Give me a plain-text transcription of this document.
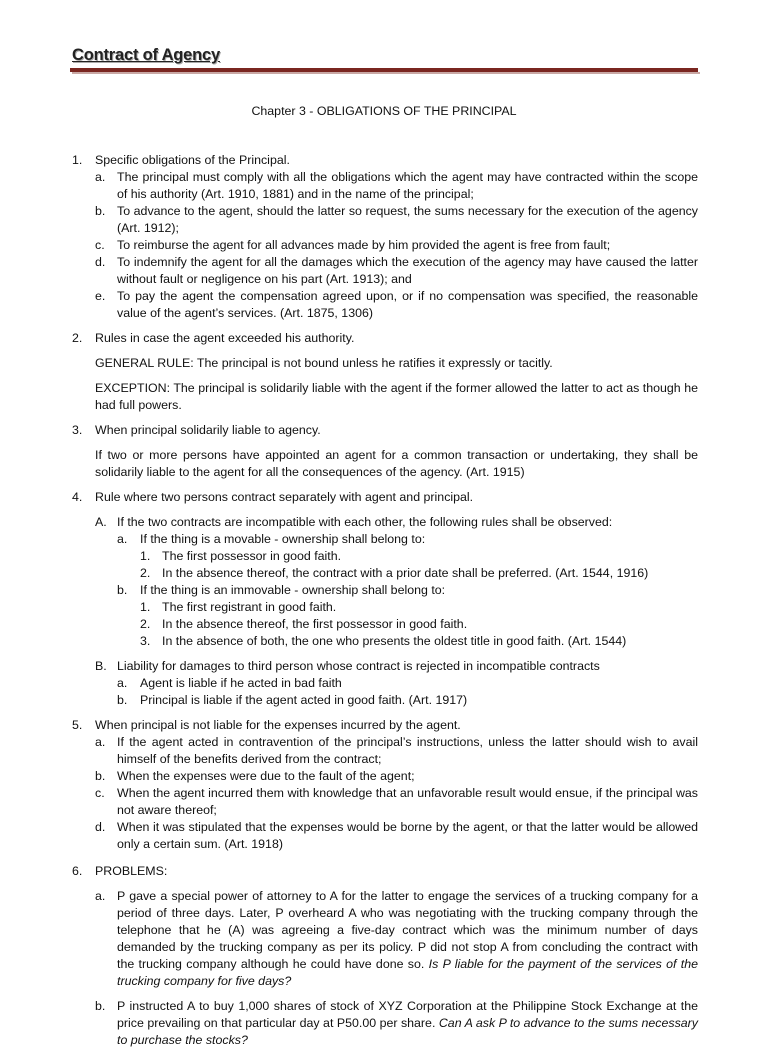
Contract of Agency
Chapter 3 - OBLIGATIONS OF THE PRINCIPAL
1. Specific obligations of the Principal.
a. The principal must comply with all the obligations which the agent may have contracted within the scope of his authority (Art. 1910, 1881) and in the name of the principal;
b. To advance to the agent, should the latter so request, the sums necessary for the execution of the agency (Art. 1912);
c. To reimburse the agent for all advances made by him provided the agent is free from fault;
d. To indemnify the agent for all the damages which the execution of the agency may have caused the latter without fault or negligence on his part (Art. 1913); and
e. To pay the agent the compensation agreed upon, or if no compensation was specified, the reasonable value of the agent’s services. (Art. 1875, 1306)
2. Rules in case the agent exceeded his authority.
GENERAL RULE: The principal is not bound unless he ratifies it expressly or tacitly.
EXCEPTION: The principal is solidarily liable with the agent if the former allowed the latter to act as though he had full powers.
3. When principal solidarily liable to agency.
If two or more persons have appointed an agent for a common transaction or undertaking, they shall be solidarily liable to the agent for all the consequences of the agency. (Art. 1915)
4. Rule where two persons contract separately with agent and principal.
A. If the two contracts are incompatible with each other, the following rules shall be observed:
a. If the thing is a movable - ownership shall belong to:
1. The first possessor in good faith.
2. In the absence thereof, the contract with a prior date shall be preferred. (Art. 1544, 1916)
b. If the thing is an immovable - ownership shall belong to:
1. The first registrant in good faith.
2. In the absence thereof, the first possessor in good faith.
3. In the absence of both, the one who presents the oldest title in good faith. (Art. 1544)
B. Liability for damages to third person whose contract is rejected in incompatible contracts
a. Agent is liable if he acted in bad faith
b. Principal is liable if the agent acted in good faith. (Art. 1917)
5. When principal is not liable for the expenses incurred by the agent.
a. If the agent acted in contravention of the principal’s instructions, unless the latter should wish to avail himself of the benefits derived from the contract;
b. When the expenses were due to the fault of the agent;
c. When the agent incurred them with knowledge that an unfavorable result would ensue, if the principal was not aware thereof;
d. When it was stipulated that the expenses would be borne by the agent, or that the latter would be allowed only a certain sum. (Art. 1918)
6. PROBLEMS:
a. P gave a special power of attorney to A for the latter to engage the services of a trucking company for a period of three days. Later, P overheard A who was negotiating with the trucking company through the telephone that he (A) was agreeing a five-day contract which was the minimum number of days demanded by the trucking company as per its policy. P did not stop A from concluding the contract with the trucking company although he could have done so. Is P liable for the payment of the services of the trucking company for five days?
b. P instructed A to buy 1,000 shares of stock of XYZ Corporation at the Philippine Stock Exchange at the price prevailing on that particular day at P50.00 per share. Can A ask P to advance to the sums necessary to purchase the stocks?
